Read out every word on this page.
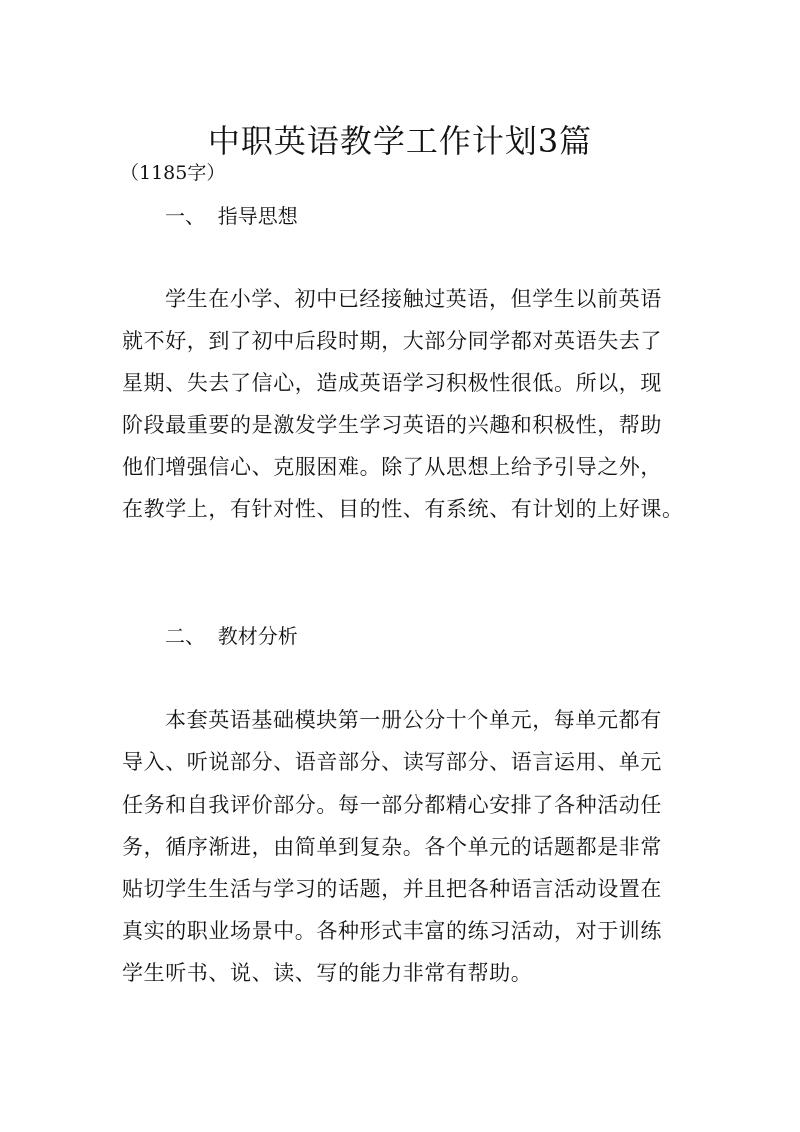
中职英语教学工作计划3篇
（1185字）
一、  指导思想
学生在小学、初中已经接触过英语，但学生以前英语
就不好，到了初中后段时期，大部分同学都对英语失去了
星期、失去了信心，造成英语学习积极性很低。所以，现
阶段最重要的是激发学生学习英语的兴趣和积极性，帮助
他们增强信心、克服困难。除了从思想上给予引导之外，
在教学上，有针对性、目的性、有系统、有计划的上好课。
二、  教材分析
本套英语基础模块第一册公分十个单元，每单元都有
导入、听说部分、语音部分、读写部分、语言运用、单元
任务和自我评价部分。每一部分都精心安排了各种活动任
务，循序渐进，由简单到复杂。各个单元的话题都是非常
贴切学生生活与学习的话题，并且把各种语言活动设置在
真实的职业场景中。各种形式丰富的练习活动，对于训练
学生听书、说、读、写的能力非常有帮助。
